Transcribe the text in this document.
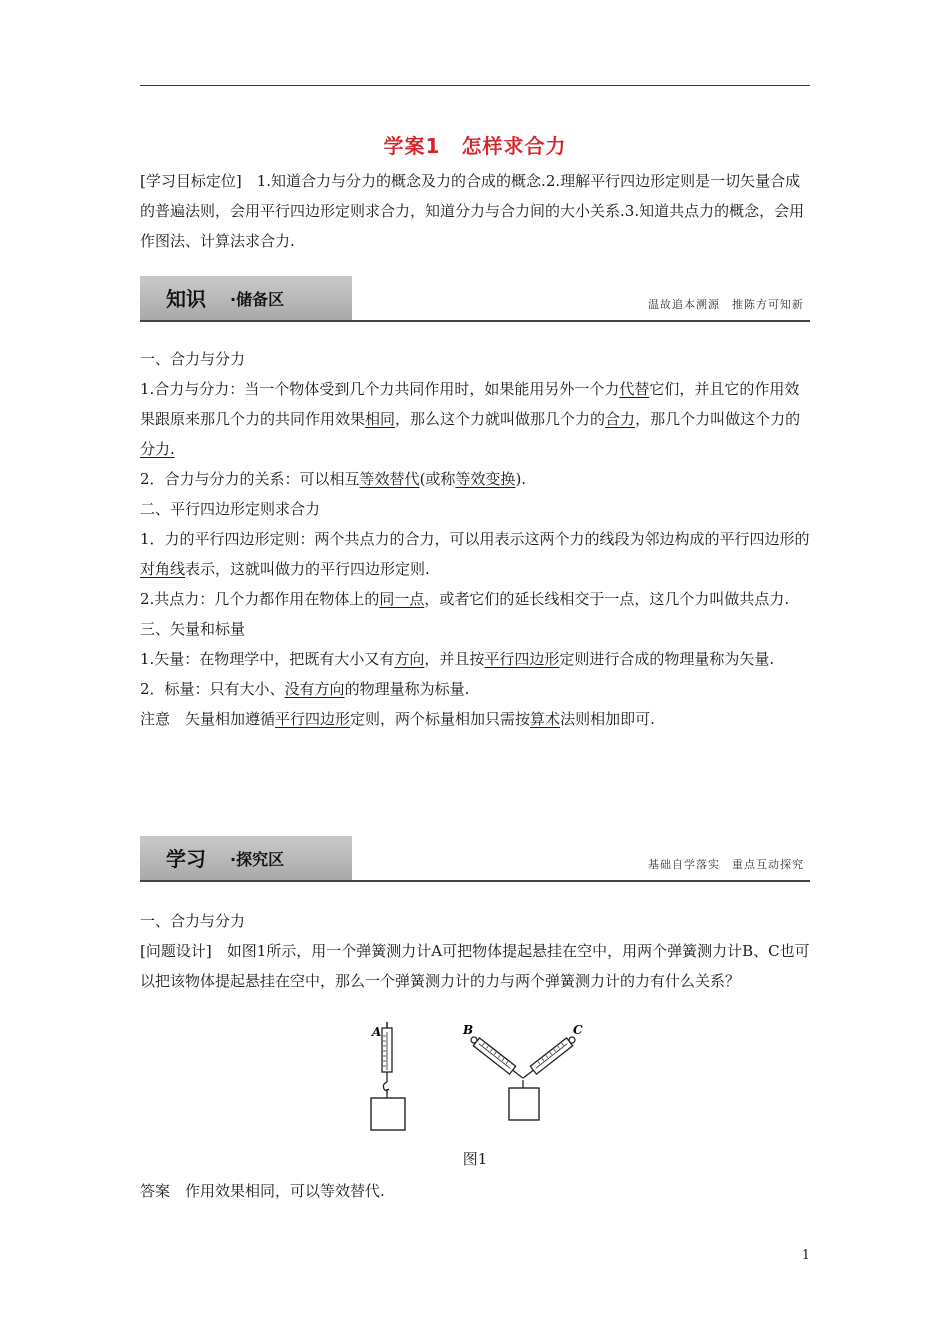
学案1　怎样求合力

[学习目标定位]　 1.知道合力与分力的概念及力的合成的概念.2.理解平行四边形定则是一切矢量合成的普遍法则，会用平行四边形定则求合力，知道分力与合力间的大小关系.3.知道共点力的概念，会用作图法、计算法求合力.

知识 ·储备区	温故追本溯源　推陈方可知新

一、合力与分力

1.合力与分力：当一个物体受到几个力共同作用时，如果能用另外一个力代替它们，并且它的作用效果跟原来那几个力的共同作用效果相同，那么这个力就叫做那几个力的合力，那几个力叫做这个力的分力.

2．合力与分力的关系：可以相互等效替代(或称等效变换).

二、平行四边形定则求合力

1．力的平行四边形定则：两个共点力的合力，可以用表示这两个力的线段为邻边构成的平行四边形的对角线表示，这就叫做力的平行四边形定则.

2.共点力：几个力都作用在物体上的同一点，或者它们的延长线相交于一点，这几个力叫做共点力.

三、矢量和标量

1.矢量：在物理学中，把既有大小又有方向，并且按平行四边形定则进行合成的物理量称为矢量.

2．标量：只有大小、没有方向的物理量称为标量.

注意　矢量相加遵循平行四边形定则，两个标量相加只需按算术法则相加即可.

学习 ·探究区	基础自学落实　重点互动探究

一、合力与分力

[问题设计]　如图1所示，用一个弹簧测力计A可把物体提起悬挂在空中，用两个弹簧测力计B、C也可以把该物体提起悬挂在空中，那么一个弹簧测力计的力与两个弹簧测力计的力有什么关系？

A	B	C
图1

答案　作用效果相同，可以等效替代.

1
